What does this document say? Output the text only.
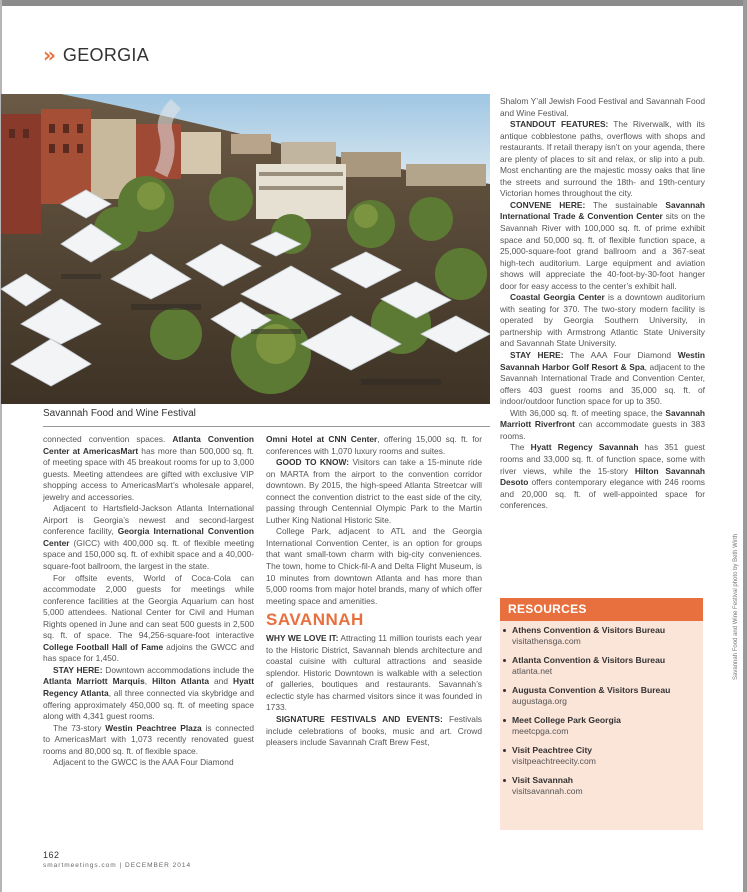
» GEORGIA
Savannah Food and Wine Festival

connected convention spaces. Atlanta Convention Center at AmericasMart has more than 500,000 sq. ft. of meeting space with 45 breakout rooms for up to 3,000 guests. Meeting attendees are gifted with exclusive VIP shopping access to AmericasMart’s wholesale apparel, jewelry and accessories.

Adjacent to Hartsfield-Jackson Atlanta International Airport is Georgia’s newest and second-largest conference facility, Georgia International Convention Center (GICC) with 400,000 sq. ft. of flexible meeting space and 150,000 sq. ft. of exhibit space and a 40,000-square-foot ballroom, the largest in the state.

For offsite events, World of Coca-Cola can accommodate 2,000 guests for meetings while conference facilities at the Georgia Aquarium can host 5,000 attendees. National Center for Civil and Human Rights opened in June and can seat 500 guests in 2,500 sq. ft. of space. The 94,256-square-foot interactive College Football Hall of Fame adjoins the GWCC and has space for 1,450.

STAY HERE: Downtown accommodations include the Atlanta Marriott Marquis, Hilton Atlanta and Hyatt Regency Atlanta, all three connected via skybridge and offering approximately 450,000 sq. ft. of meeting space along with 4,341 guest rooms.

The 73-story Westin Peachtree Plaza is connected to AmericasMart with 1,073 recently renovated guest rooms and 80,000 sq. ft. of flexible space.

Adjacent to the GWCC is the AAA Four Diamond

Omni Hotel at CNN Center, offering 15,000 sq. ft. for conferences with 1,070 luxury rooms and suites.

GOOD TO KNOW: Visitors can take a 15-minute ride on MARTA from the airport to the convention corridor downtown. By 2015, the high-speed Atlanta Streetcar will connect the convention district to the east side of the city, passing through Centennial Olympic Park to the Martin Luther King National Historic Site.

College Park, adjacent to ATL and the Georgia International Convention Center, is an option for groups that want small-town charm with big-city conveniences. The town, home to Chick-fil-A and Delta Flight Museum, is 10 minutes from downtown Atlanta and has more than 5,000 rooms from major hotel brands, many of which offer meeting space and amenities.

SAVANNAH

WHY WE LOVE IT: Attracting 11 million tourists each year to the Historic District, Savannah blends architecture and coastal cuisine with cultural attractions and seaside splendor. Historic Downtown is walkable with a selection of galleries, boutiques and restaurants. Savannah’s eclectic style has charmed visitors since it was founded in 1733.

SIGNATURE FESTIVALS AND EVENTS: Festivals include celebrations of books, music and art. Crowd pleasers include Savannah Craft Brew Fest,

Shalom Y’all Jewish Food Festival and Savannah Food and Wine Festival.

STANDOUT FEATURES: The Riverwalk, with its antique cobblestone paths, overflows with shops and restaurants. If retail therapy isn’t on your agenda, there are plenty of places to sit and relax, or slip into a pub. Most enchanting are the majestic mossy oaks that line the streets and surround the 18th- and 19th-century Victorian homes throughout the city.

CONVENE HERE: The sustainable Savannah International Trade & Convention Center sits on the Savannah River with 100,000 sq. ft. of prime exhibit space and 50,000 sq. ft. of flexible function space, a 25,000-square-foot grand ballroom and a 367-seat high-tech auditorium. Large equipment and aviation shows will appreciate the 40-foot-by-30-foot hanger door for easy access to the center’s exhibit hall.

Coastal Georgia Center is a downtown auditorium with seating for 370. The two-story modern facility is operated by Georgia Southern University, in partnership with Armstrong Atlantic State University and Savannah State University.

STAY HERE: The AAA Four Diamond Westin Savannah Harbor Golf Resort & Spa, adjacent to the Savannah International Trade and Convention Center, offers 403 guest rooms and 35,000 sq. ft. of indoor/outdoor function space for up to 350.

With 36,000 sq. ft. of meeting space, the Savannah Marriott Riverfront can accommodate guests in 383 rooms.

The Hyatt Regency Savannah has 351 guest rooms and 33,000 sq. ft. of function space, some with river views, while the 15-story Hilton Savannah Desoto offers contemporary elegance with 246 rooms and 20,000 sq. ft. of well-appointed space for conferences.

RESOURCES
Athens Convention & Visitors Bureau
visitathensga.com
Atlanta Convention & Visitors Bureau
atlanta.net
Augusta Convention & Visitors Bureau
augustaga.org
Meet College Park Georgia
meetcpga.com
Visit Peachtree City
visitpeachtreecity.com
Visit Savannah
visitsavannah.com
Savannah Food and Wine Festival photo by Beth Wirth
162
smartmeetings.com | DECEMBER 2014
